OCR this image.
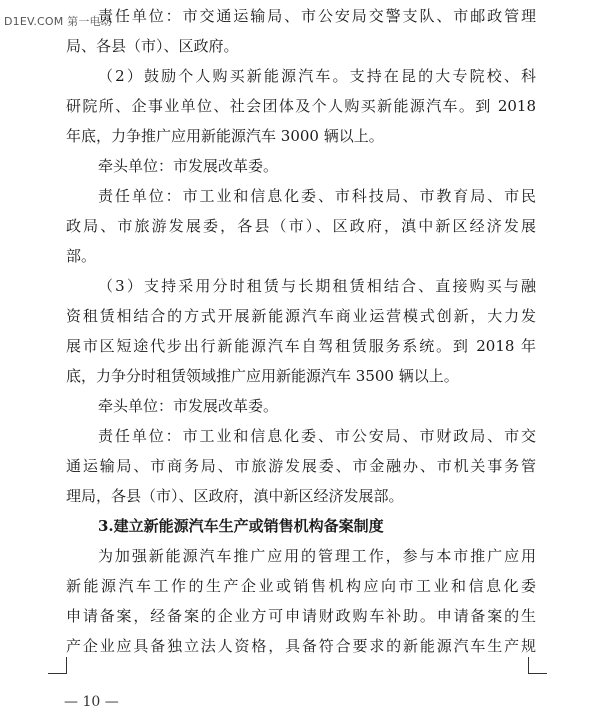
D1EV.COM 第一电动
责任单位：市交通运输局、市公安局交警支队、市邮政管理
局、各县（市）、区政府。
（2）鼓励个人购买新能源汽车。支持在昆的大专院校、科
研院所、企事业单位、社会团体及个人购买新能源汽车。到 2018
年底，力争推广应用新能源汽车 3000 辆以上。
牵头单位：市发展改革委。
责任单位：市工业和信息化委、市科技局、市教育局、市民
政局、市旅游发展委，各县（市）、区政府，滇中新区经济发展
部。
（3）支持采用分时租赁与长期租赁相结合、直接购买与融
资租赁相结合的方式开展新能源汽车商业运营模式创新，大力发
展市区短途代步出行新能源汽车自驾租赁服务系统。到 2018 年
底，力争分时租赁领域推广应用新能源汽车 3500 辆以上。
牵头单位：市发展改革委。
责任单位：市工业和信息化委、市公安局、市财政局、市交
通运输局、市商务局、市旅游发展委、市金融办、市机关事务管
理局，各县（市）、区政府，滇中新区经济发展部。
3.建立新能源汽车生产或销售机构备案制度
为加强新能源汽车推广应用的管理工作，参与本市推广应用
新能源汽车工作的生产企业或销售机构应向市工业和信息化委
申请备案，经备案的企业方可申请财政购车补助。申请备案的生
产企业应具备独立法人资格，具备符合要求的新能源汽车生产规
— 10 —
